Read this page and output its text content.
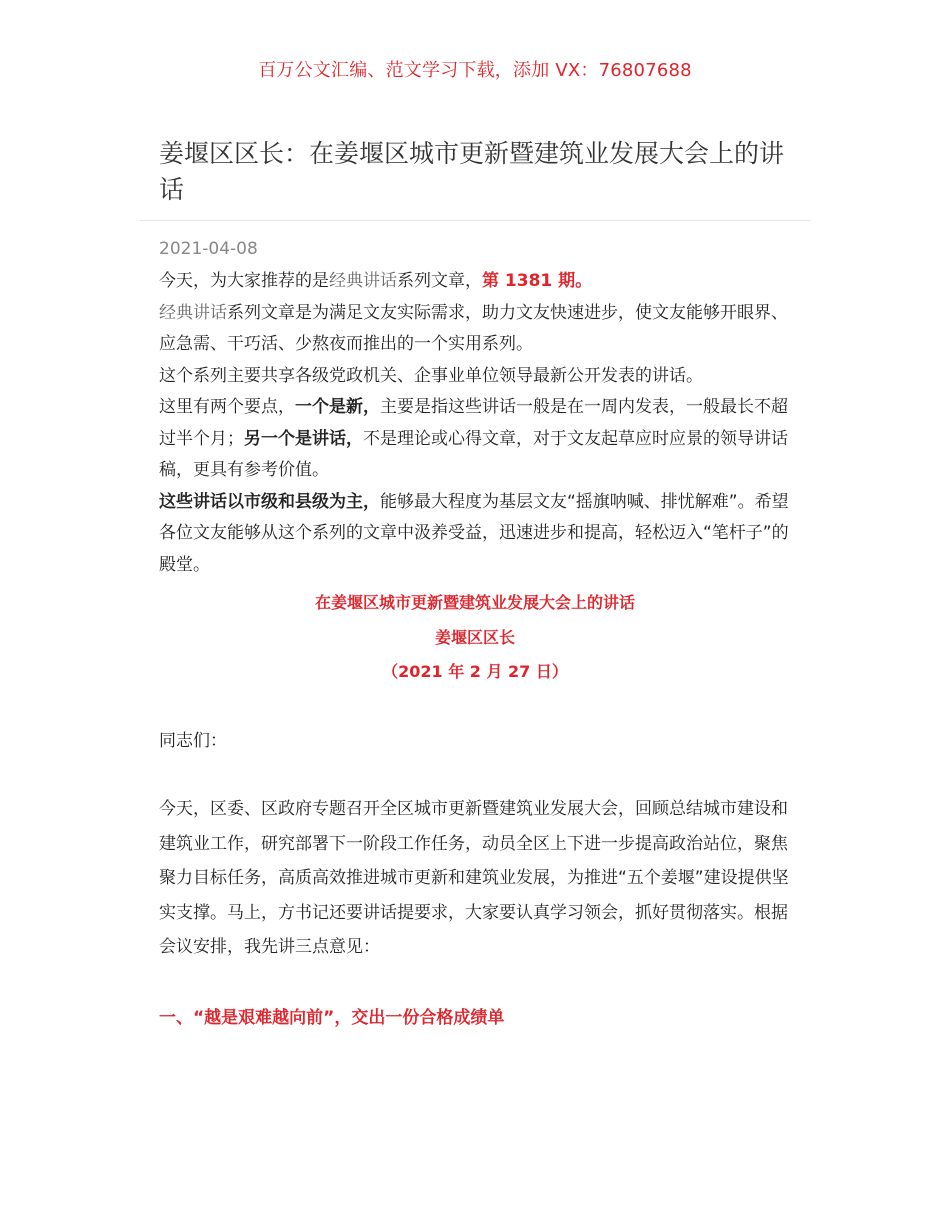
百万公文汇编、范文学习下载，添加 VX：76807688
姜堰区区长：在姜堰区城市更新暨建筑业发展大会上的讲话
2021-04-08

今天，为大家推荐的是经典讲话系列文章，第 1381 期。

经典讲话系列文章是为满足文友实际需求，助力文友快速进步，使文友能够开眼界、应急需、干巧活、少熬夜而推出的一个实用系列。

这个系列主要共享各级党政机关、企事业单位领导最新公开发表的讲话。

这里有两个要点，一个是新，主要是指这些讲话一般是在一周内发表，一般最长不超过半个月；另一个是讲话，不是理论或心得文章，对于文友起草应时应景的领导讲话稿，更具有参考价值。

这些讲话以市级和县级为主，能够最大程度为基层文友“摇旗呐喊、排忧解难”。希望各位文友能够从这个系列的文章中汲养受益，迅速进步和提高，轻松迈入“笔杆子”的殿堂。

在姜堰区城市更新暨建筑业发展大会上的讲话
姜堰区区长
（2021 年 2 月 27 日）

同志们：

今天，区委、区政府专题召开全区城市更新暨建筑业发展大会，回顾总结城市建设和建筑业工作，研究部署下一阶段工作任务，动员全区上下进一步提高政治站位，聚焦聚力目标任务，高质高效推进城市更新和建筑业发展，为推进“五个姜堰”建设提供坚实支撑。马上，方书记还要讲话提要求，大家要认真学习领会，抓好贯彻落实。根据会议安排，我先讲三点意见：

一、“越是艰难越向前”，交出一份合格成绩单
